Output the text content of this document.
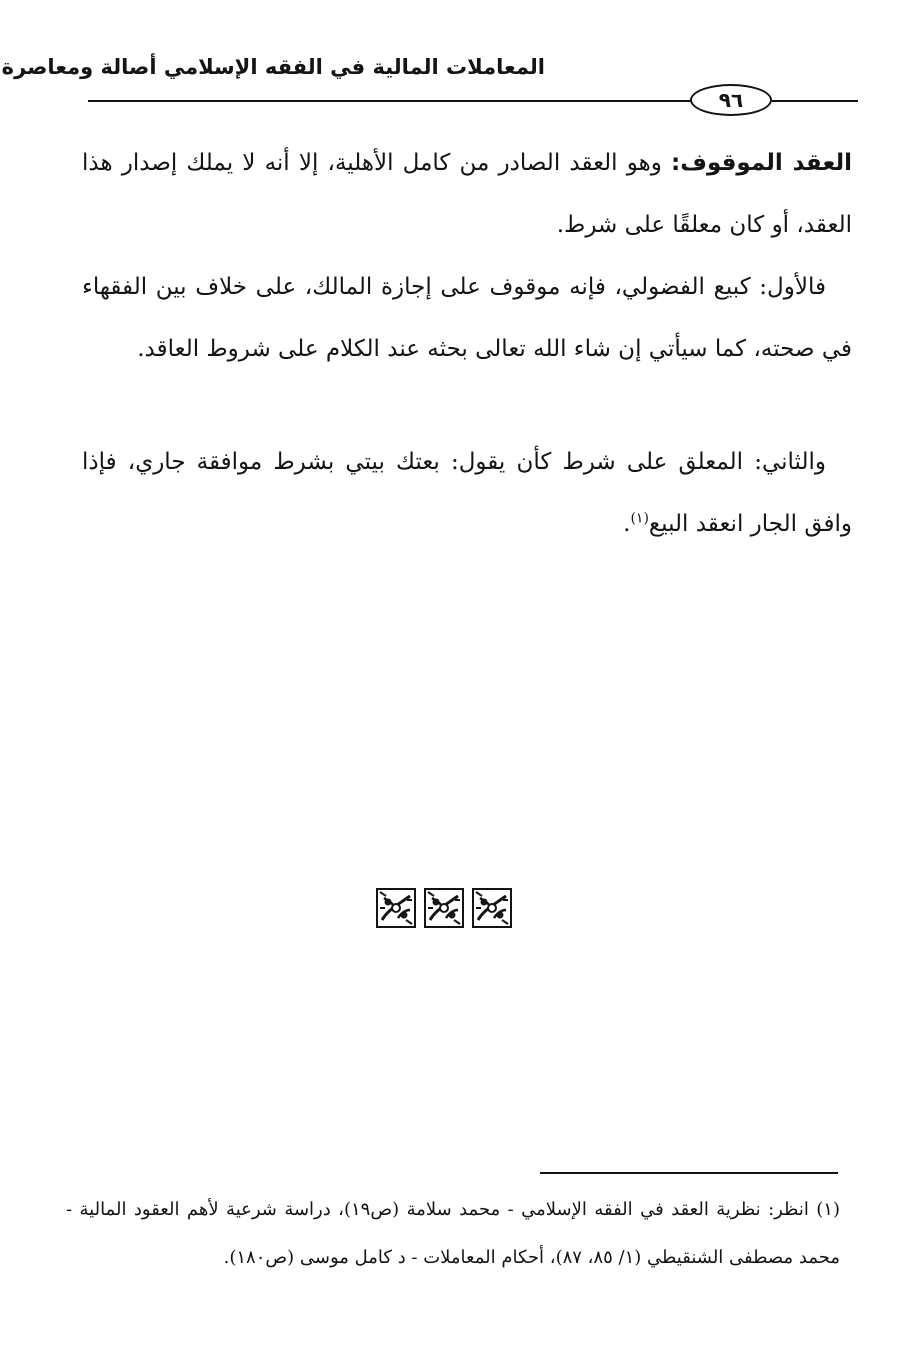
المعاملات المالية في الفقه الإسلامي أصالة ومعاصرة
٩٦

العقد الموقوف: وهو العقد الصادر من كامل الأهلية، إلا أنه لا يملك إصدار هذا العقد، أو كان معلقًا على شرط.

فالأول: كبيع الفضولي، فإنه موقوف على إجازة المالك، على خلاف بين الفقهاء في صحته، كما سيأتي إن شاء الله تعالى بحثه عند الكلام على شروط العاقد.

والثاني: المعلق على شرط كأن يقول: بعتك بيتي بشرط موافقة جاري، فإذا وافق الجار انعقد البيع$^{(١)}$.

(١) انظر: نظرية العقد في الفقه الإسلامي - محمد سلامة (ص١٩)، دراسة شرعية لأهم العقود المالية - محمد مصطفى الشنقيطي (١/ ٨٥، ٨٧)، أحكام المعاملات - د كامل موسى (ص١٨٠).
